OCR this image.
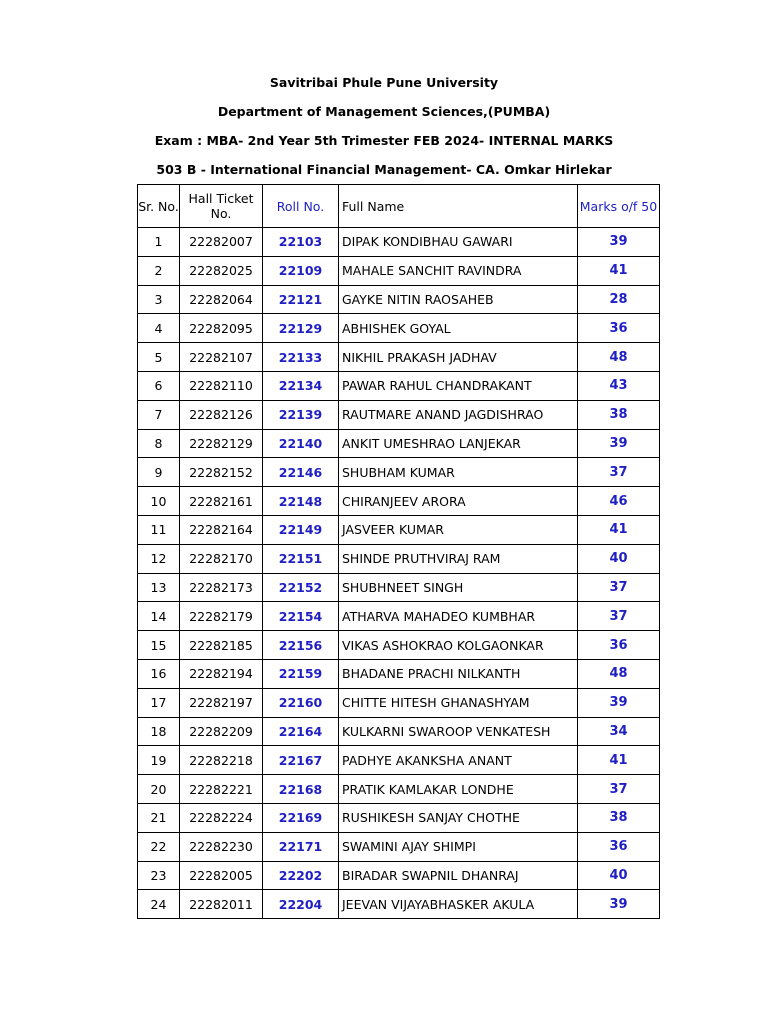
Savitribai Phule Pune University
Department of Management Sciences,(PUMBA)
Exam : MBA- 2nd Year 5th Trimester FEB 2024- INTERNAL MARKS
503 B - International Financial Management- CA. Omkar Hirlekar
Sr. No.	Hall Ticket No.	Roll No.	Full Name	Marks o/f 50
1	22282007	22103	DIPAK KONDIBHAU GAWARI	39
2	22282025	22109	MAHALE SANCHIT RAVINDRA	41
3	22282064	22121	GAYKE NITIN RAOSAHEB	28
4	22282095	22129	ABHISHEK GOYAL	36
5	22282107	22133	NIKHIL PRAKASH JADHAV	48
6	22282110	22134	PAWAR RAHUL CHANDRAKANT	43
7	22282126	22139	RAUTMARE ANAND JAGDISHRAO	38
8	22282129	22140	ANKIT UMESHRAO LANJEKAR	39
9	22282152	22146	SHUBHAM KUMAR	37
10	22282161	22148	CHIRANJEEV ARORA	46
11	22282164	22149	JASVEER KUMAR	41
12	22282170	22151	SHINDE PRUTHVIRAJ RAM	40
13	22282173	22152	SHUBHNEET SINGH	37
14	22282179	22154	ATHARVA MAHADEO KUMBHAR	37
15	22282185	22156	VIKAS ASHOKRAO KOLGAONKAR	36
16	22282194	22159	BHADANE PRACHI NILKANTH	48
17	22282197	22160	CHITTE HITESH GHANASHYAM	39
18	22282209	22164	KULKARNI SWAROOP VENKATESH	34
19	22282218	22167	PADHYE AKANKSHA ANANT	41
20	22282221	22168	PRATIK KAMLAKAR LONDHE	37
21	22282224	22169	RUSHIKESH SANJAY CHOTHE	38
22	22282230	22171	SWAMINI AJAY SHIMPI	36
23	22282005	22202	BIRADAR SWAPNIL DHANRAJ	40
24	22282011	22204	JEEVAN VIJAYABHASKER AKULA	39
